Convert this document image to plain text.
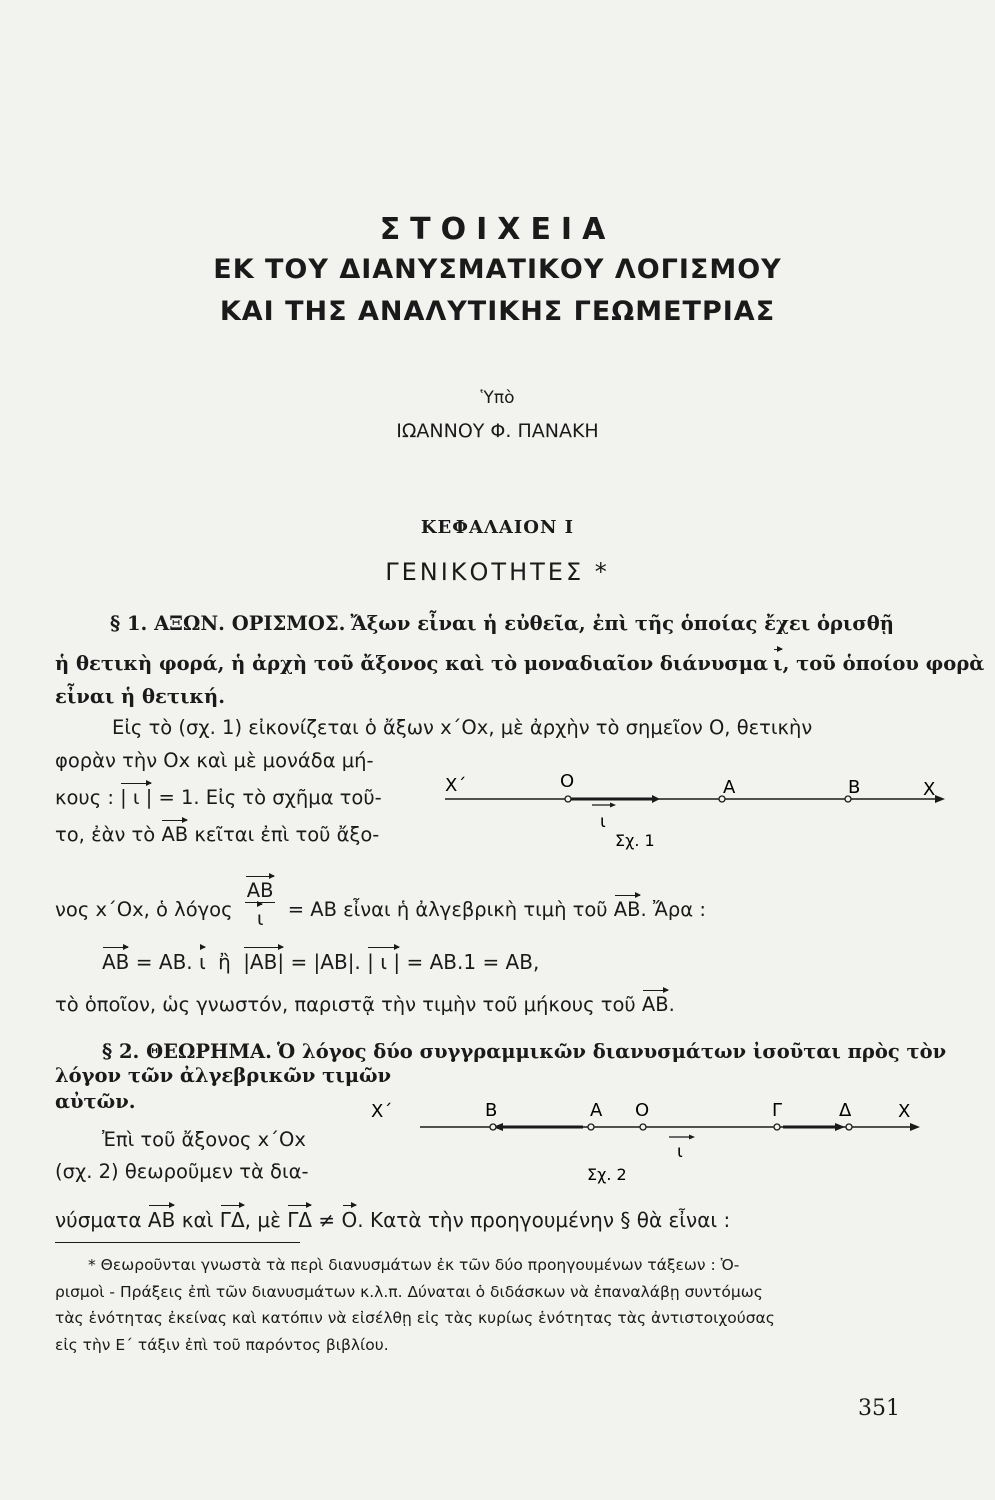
ΣΤΟΙΧΕΙΑ
ΕΚ ΤΟΥ ΔΙΑΝΥΣΜΑΤΙΚΟΥ ΛΟΓΙΣΜΟΥ
ΚΑΙ ΤΗΣ ΑΝΑΛΥΤΙΚΗΣ ΓΕΩΜΕΤΡΙΑΣ
Ὑπὸ
ΙΩΑΝΝΟΥ Φ. ΠΑΝΑΚΗ
ΚΕΦΑΛΑΙΟΝ Ι
ΓΕΝΙΚΟΤΗΤΕΣ *
§ 1. ΑΞΩΝ. ΟΡΙΣΜΟΣ. Ἄξων εἶναι ἡ εὐθεῖα, ἐπὶ τῆς ὁποίας ἔχει ὁρισθῇ
ἡ θετικὴ φορά, ἡ ἀρχὴ τοῦ ἄξονος καὶ τὸ μοναδιαῖον διάνυσμα ι, τοῦ ὁποίου φορὰ
εἶναι ἡ θετική.
Εἰς τὸ (σχ. 1) εἰκονίζεται ὁ ἄξων x΄Ox, μὲ ἀρχὴν τὸ σημεῖον Ο, θετικὴν
φορὰν τὴν Ox καὶ μὲ μονάδα μή-
κους : | ι | = 1. Εἰς τὸ σχῆμα τοῦ-
το, ἐὰν τὸ AB κεῖται ἐπὶ τοῦ ἄξο-
νος x΄Ox, ὁ λόγος $\frac{AB}{\iota}$ = AB εἶναι ἡ ἀλγεβρικὴ τιμὴ τοῦ AB. Ἄρα :
AB = AB. ι ἢ |AB| = |AB|. | ι | = AB.1 = AB,
τὸ ὁποῖον, ὡς γνωστόν, παριστᾷ τὴν τιμὴν τοῦ μήκους τοῦ AB.
§ 2. ΘΕΩΡΗΜΑ. Ὁ λόγος δύο συγγραμμικῶν διανυσμάτων ἰσοῦται πρὸς τὸν
λόγον τῶν ἀλγεβρικῶν τιμῶν
αὐτῶν.
Ἐπὶ τοῦ ἄξονος x΄Ox
(σχ. 2) θεωροῦμεν τὰ δια-
νύσματα AB καὶ ΓΔ, μὲ ΓΔ ≠ O. Κατὰ τὴν προηγουμένην § θὰ εἶναι :
Χ΄	Ο	Α	Β	Χ
ι
Σχ. 1
Χ΄	Β	Α Ο	Γ	Δ	Χ
ι
Σχ. 2
* Θεωροῦνται γνωστὰ τὰ περὶ διανυσμάτων ἐκ τῶν δύο προηγουμένων τάξεων : Ὁ-
ρισμοὶ - Πράξεις ἐπὶ τῶν διανυσμάτων κ.λ.π. Δύναται ὁ διδάσκων νὰ ἐπαναλάβῃ συντόμως
τὰς ἑνότητας ἐκείνας καὶ κατόπιν νὰ εἰσέλθῃ εἰς τὰς κυρίως ἑνότητας τὰς ἀντιστοιχούσας
εἰς τὴν Ε΄ τάξιν ἐπὶ τοῦ παρόντος βιβλίου.
351
